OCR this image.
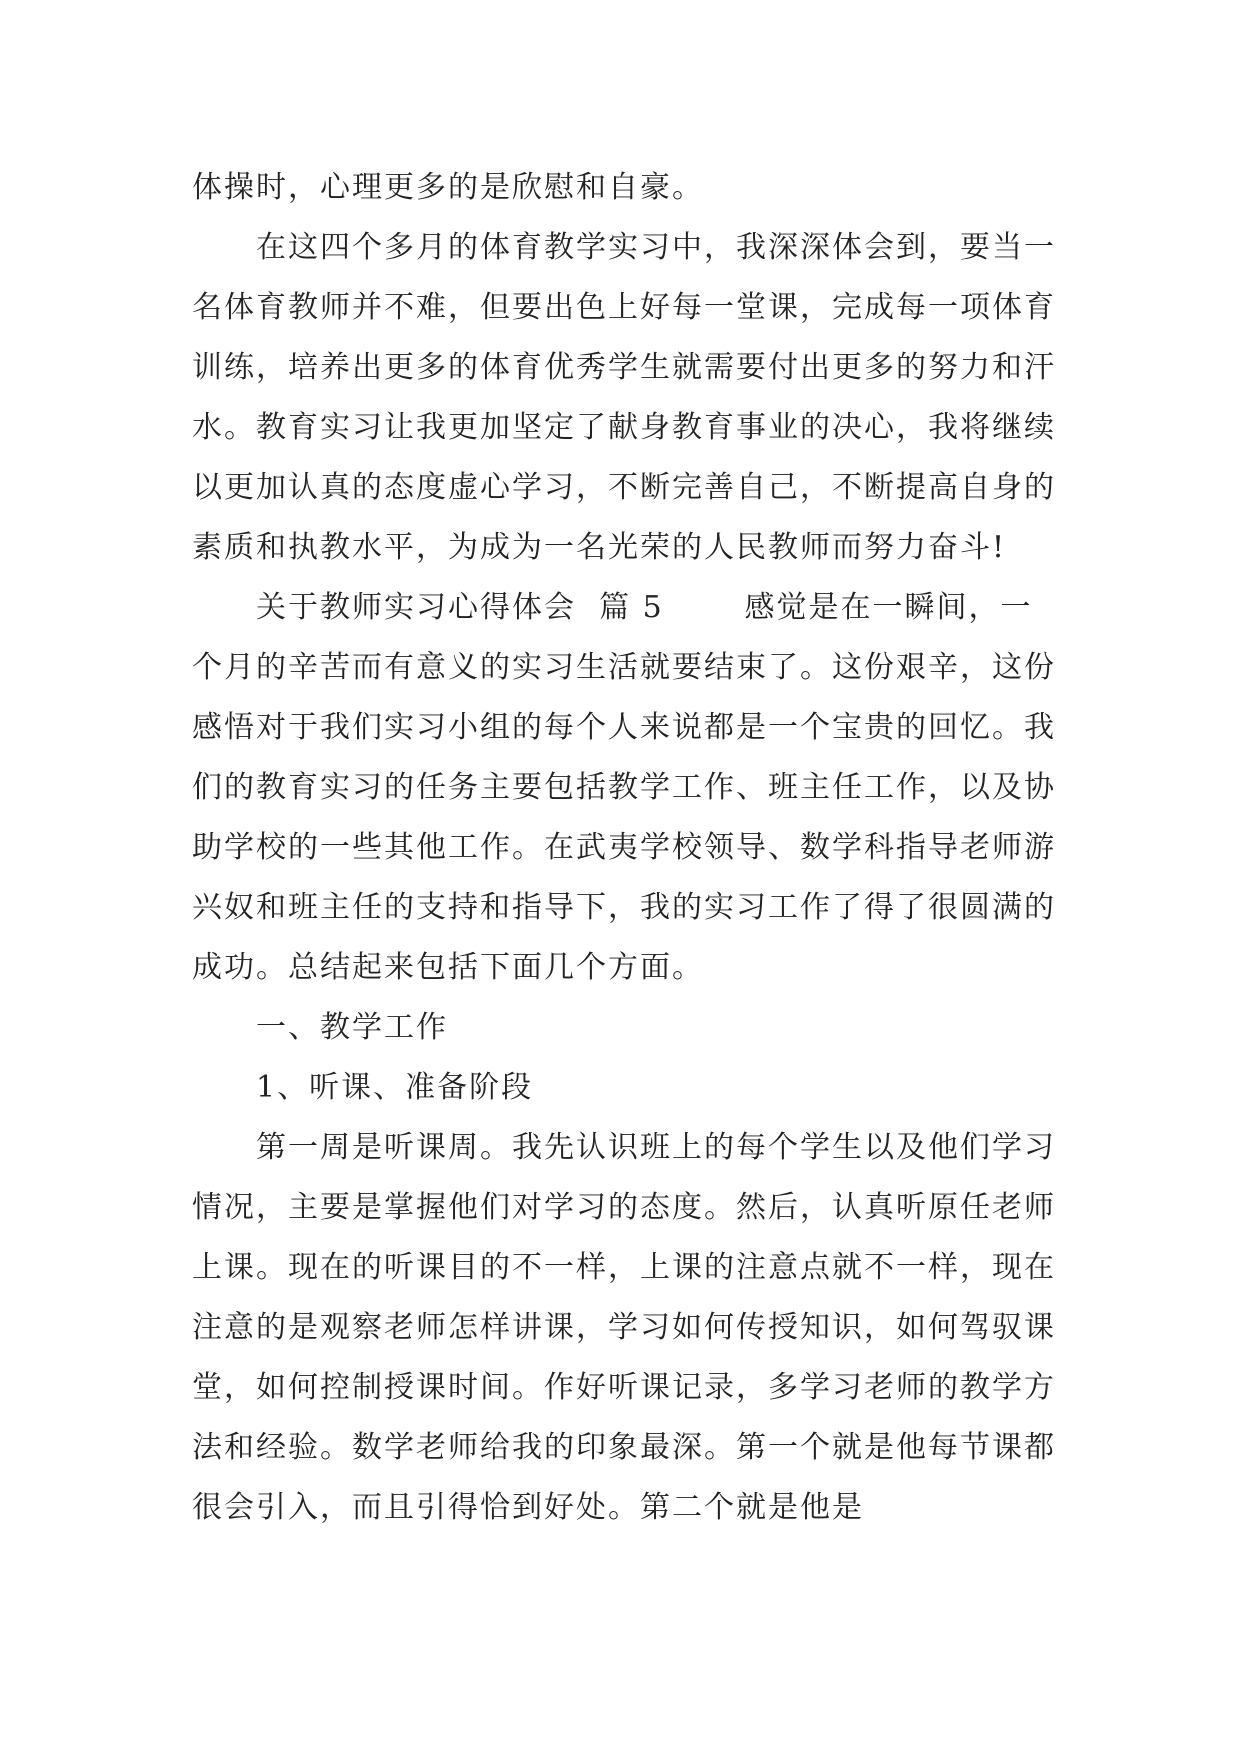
体操时，心理更多的是欣慰和自豪。

在这四个多月的体育教学实习中，我深深体会到，要当一名体育教师并不难，但要出色上好每一堂课，完成每一项体育训练，培养出更多的体育优秀学生就需要付出更多的努力和汗水。教育实习让我更加坚定了献身教育事业的决心，我将继续以更加认真的态度虚心学习，不断完善自己，不断提高自身的素质和执教水平，为成为一名光荣的人民教师而努力奋斗!

关于教师实习心得体会  篇 5       感觉是在一瞬间，一个月的辛苦而有意义的实习生活就要结束了。这份艰辛，这份感悟对于我们实习小组的每个人来说都是一个宝贵的回忆。我们的教育实习的任务主要包括教学工作、班主任工作，以及协助学校的一些其他工作。在武夷学校领导、数学科指导老师游兴奴和班主任的支持和指导下，我的实习工作了得了很圆满的成功。总结起来包括下面几个方面。

一、教学工作

1、听课、准备阶段

第一周是听课周。我先认识班上的每个学生以及他们学习情况，主要是掌握他们对学习的态度。然后，认真听原任老师上课。现在的听课目的不一样，上课的注意点就不一样，现在注意的是观察老师怎样讲课，学习如何传授知识，如何驾驭课堂，如何控制授课时间。作好听课记录，多学习老师的教学方法和经验。数学老师给我的印象最深。第一个就是他每节课都很会引入，而且引得恰到好处。第二个就是他是
